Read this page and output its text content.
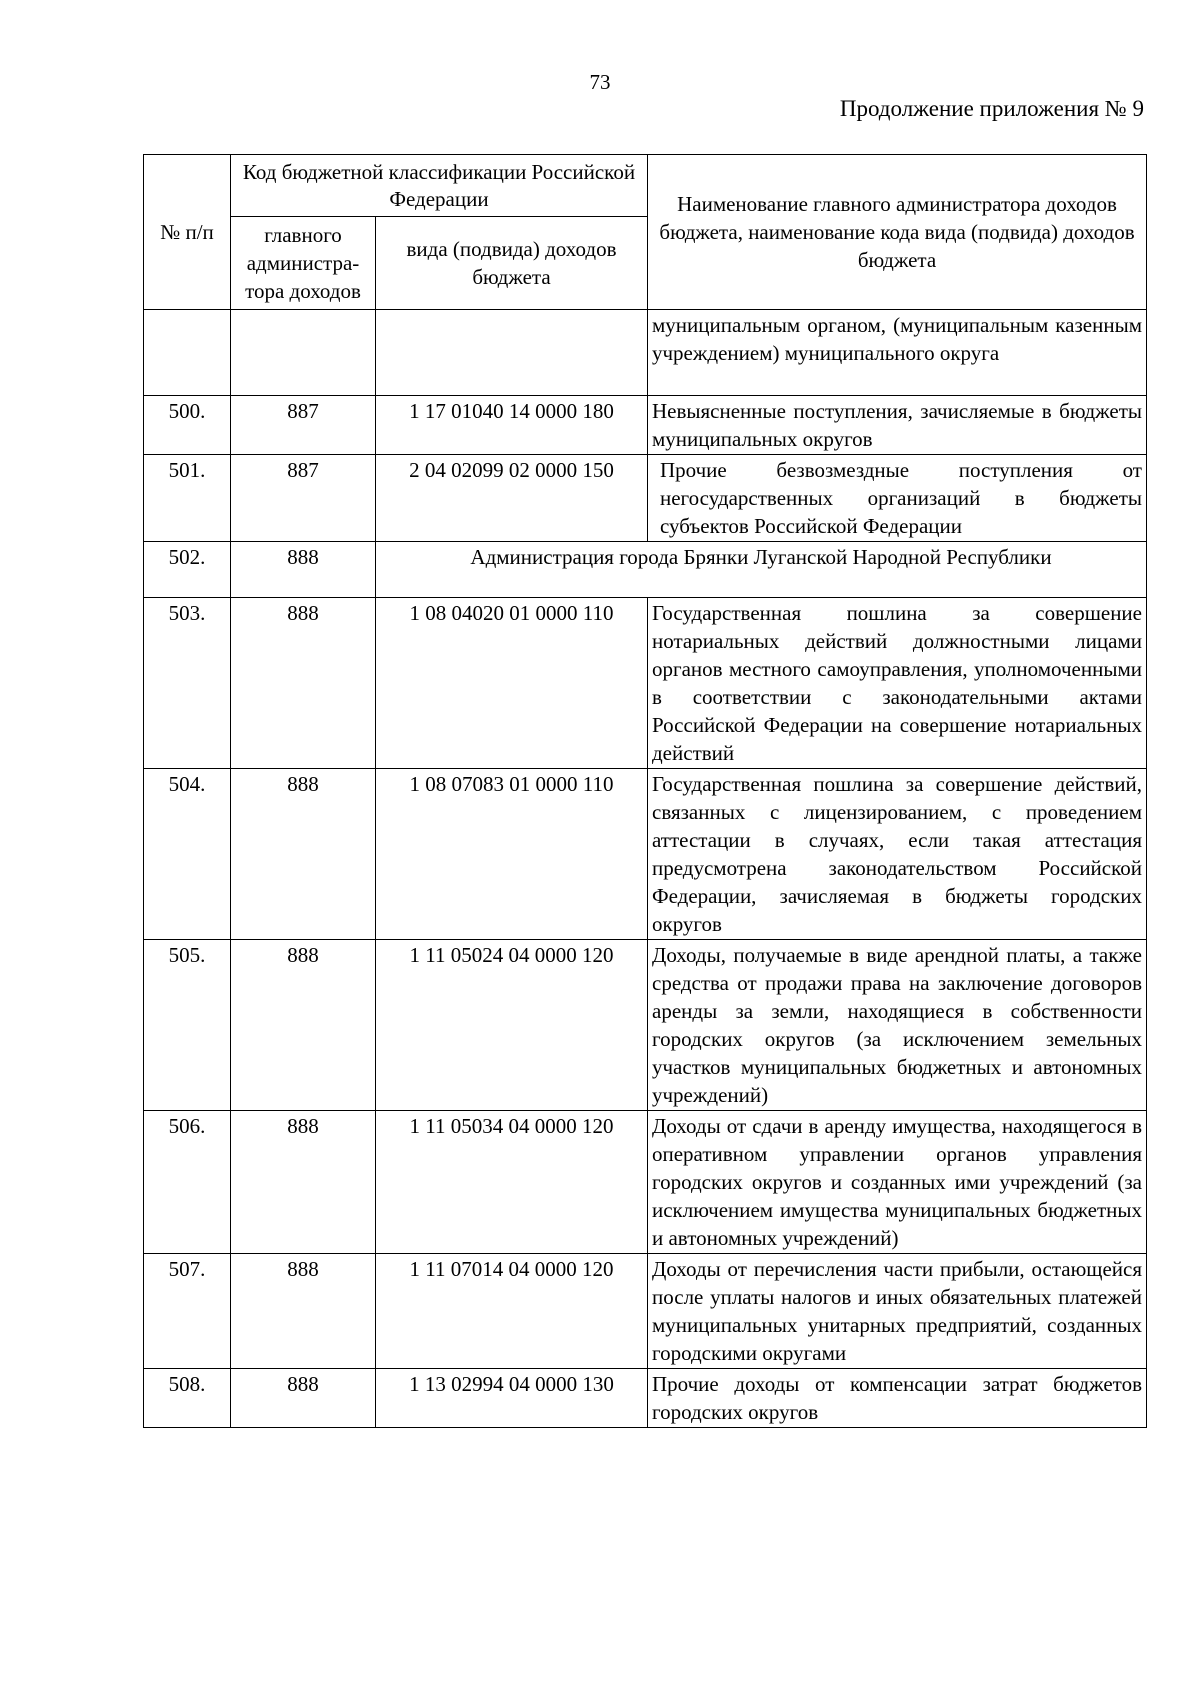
73
Продолжение приложения № 9
№ п/п	Код бюджетной классификации Российской Федерации		Наименование главного администратора доходов бюджета, наименование кода вида (подвида) доходов бюджета
	главного администра-тора доходов	вида (подвида) доходов бюджета	
			муниципальным органом, (муниципальным казенным учреждением) муниципального округа
500.	887	1 17 01040 14 0000 180	Невыясненные поступления, зачисляемые в бюджеты муниципальных округов
501.	887	2 04 02099 02 0000 150	Прочие безвозмездные поступления от негосударственных организаций в бюджеты субъектов Российской Федерации
502.	888	Администрация города Брянки Луганской Народной Республики	
503.	888	1 08 04020 01 0000 110	Государственная пошлина за совершение нотариальных действий должностными лицами органов местного самоуправления, уполномоченными в соответствии с законодательными актами Российской Федерации на совершение нотариальных действий
504.	888	1 08 07083 01 0000 110	Государственная пошлина за совершение действий, связанных с лицензированием, с проведением аттестации в случаях, если такая аттестация предусмотрена законодательством Российской Федерации, зачисляемая в бюджеты городских округов
505.	888	1 11 05024 04 0000 120	Доходы, получаемые в виде арендной платы, а также средства от продажи права на заключение договоров аренды за земли, находящиеся в собственности городских округов (за исключением земельных участков муниципальных бюджетных и автономных учреждений)
506.	888	1 11 05034 04 0000 120	Доходы от сдачи в аренду имущества, находящегося в оперативном управлении органов управления городских округов и созданных ими учреждений (за исключением имущества муниципальных бюджетных и автономных учреждений)
507.	888	1 11 07014 04 0000 120	Доходы от перечисления части прибыли, остающейся после уплаты налогов и иных обязательных платежей муниципальных унитарных предприятий, созданных городскими округами
508.	888	1 13 02994 04 0000 130	Прочие доходы от компенсации затрат бюджетов городских округов
